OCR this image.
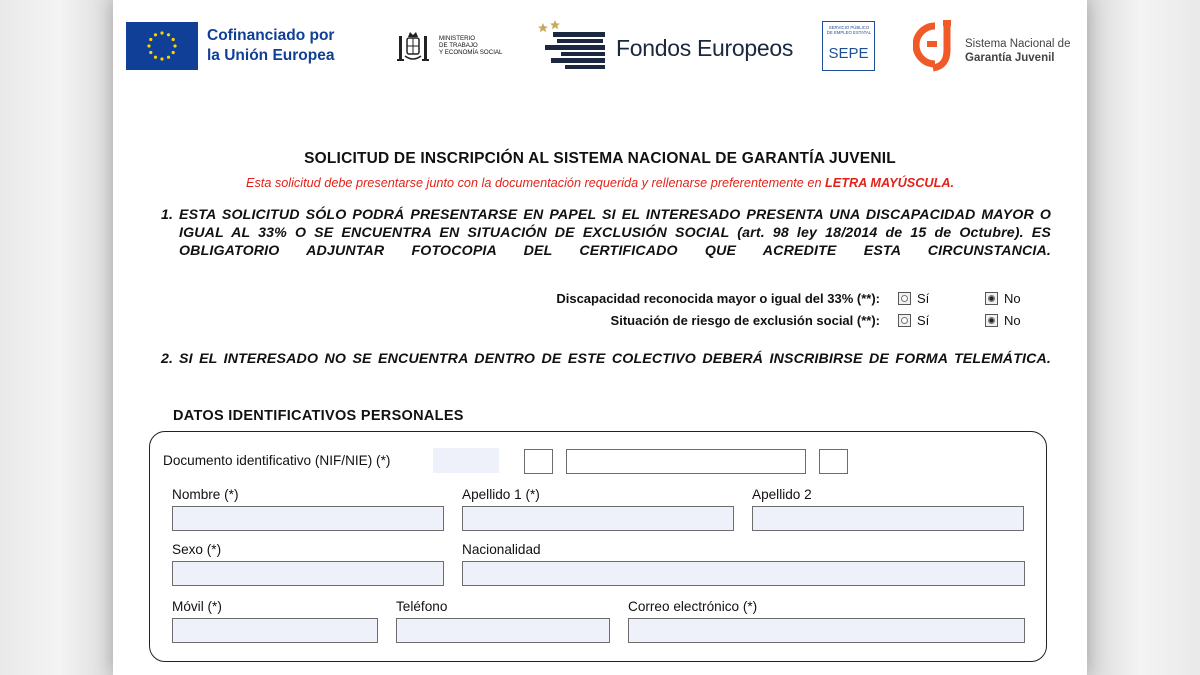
Cofinanciado por
la Unión Europea
MINISTERIO
DE TRABAJO
Y ECONOMÍA SOCIAL	Fondos Europeos
SERVICIO PÚBLICO DE EMPLEO ESTATAL
SEPE
Sistema Nacional de
Garantía Juvenil
SOLICITUD DE INSCRIPCIÓN AL SISTEMA NACIONAL DE GARANTÍA JUVENIL
Esta solicitud debe presentarse junto con la documentación requerida y rellenarse preferentemente en LETRA MAYÚSCULA.
1. ESTA SOLICITUD SÓLO PODRÁ PRESENTARSE EN PAPEL SI EL INTERESADO PRESENTA UNA DISCAPACIDAD MAYOR O IGUAL AL 33% O SE ENCUENTRA EN SITUACIÓN DE EXCLUSIÓN SOCIAL (art. 98 ley 18/2014 de 15 de Octubre). ES OBLIGATORIO ADJUNTAR FOTOCOPIA DEL CERTIFICADO QUE ACREDITE ESTA CIRCUNSTANCIA.
Discapacidad reconocida mayor o igual del 33% (**):	Sí	No
Situación de riesgo de exclusión social (**):	Sí	No
2. SI EL INTERESADO NO SE ENCUENTRA DENTRO DE ESTE COLECTIVO DEBERÁ INSCRIBIRSE DE FORMA TELEMÁTICA.
DATOS IDENTIFICATIVOS PERSONALES
Documento identificativo (NIF/NIE) (*)
Nombre (*)	Apellido 1 (*)	Apellido 2
Sexo (*)	Nacionalidad
Móvil (*)	Teléfono	Correo electrónico (*)
